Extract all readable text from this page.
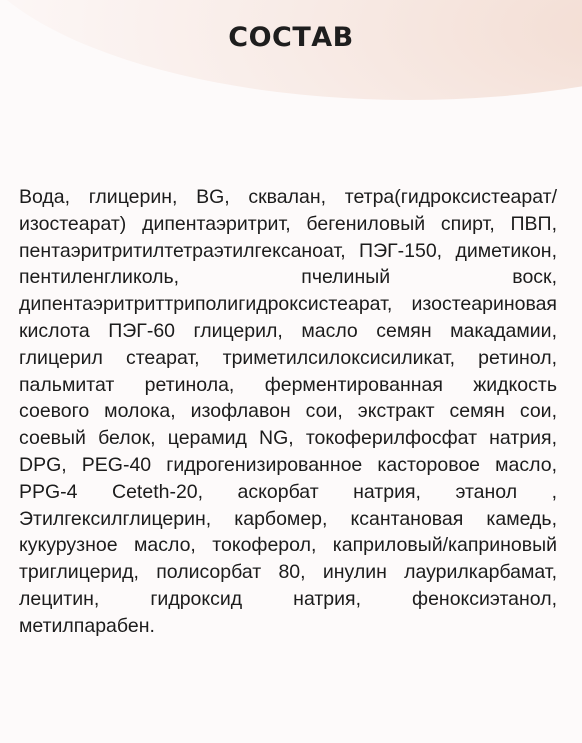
СОСТАВ

Вода, глицерин, BG, сквалан, тетра(гидроксистеарат/изостеарат) дипентаэритрит, бегениловый спирт, ПВП, пентаэритритилтетраэтилгексаноат, ПЭГ-150, диметикон, пентиленгликоль, пчелиный воск, дипентаэритриттриполигидроксистеарат, изостеариновая кислота ПЭГ-60 глицерил, масло семян макадамии, глицерил стеарат, триметилсилоксисиликат, ретинол, пальмитат ретинола, ферментированная жидкость соевого молока, изофлавон сои, экстракт семян сои, соевый белок, церамид NG, токоферилфосфат натрия, DPG, PEG-40 гидрогенизированное касторовое масло, PPG-4 Ceteth-20, аскорбат натрия, этанол , Этилгексилглицерин, карбомер, ксантановая камедь, кукурузное масло, токоферол, каприловый/каприновый триглицерид, полисорбат 80, инулин лаурилкарбамат, лецитин, гидроксид натрия, феноксиэтанол, метилпарабен.
